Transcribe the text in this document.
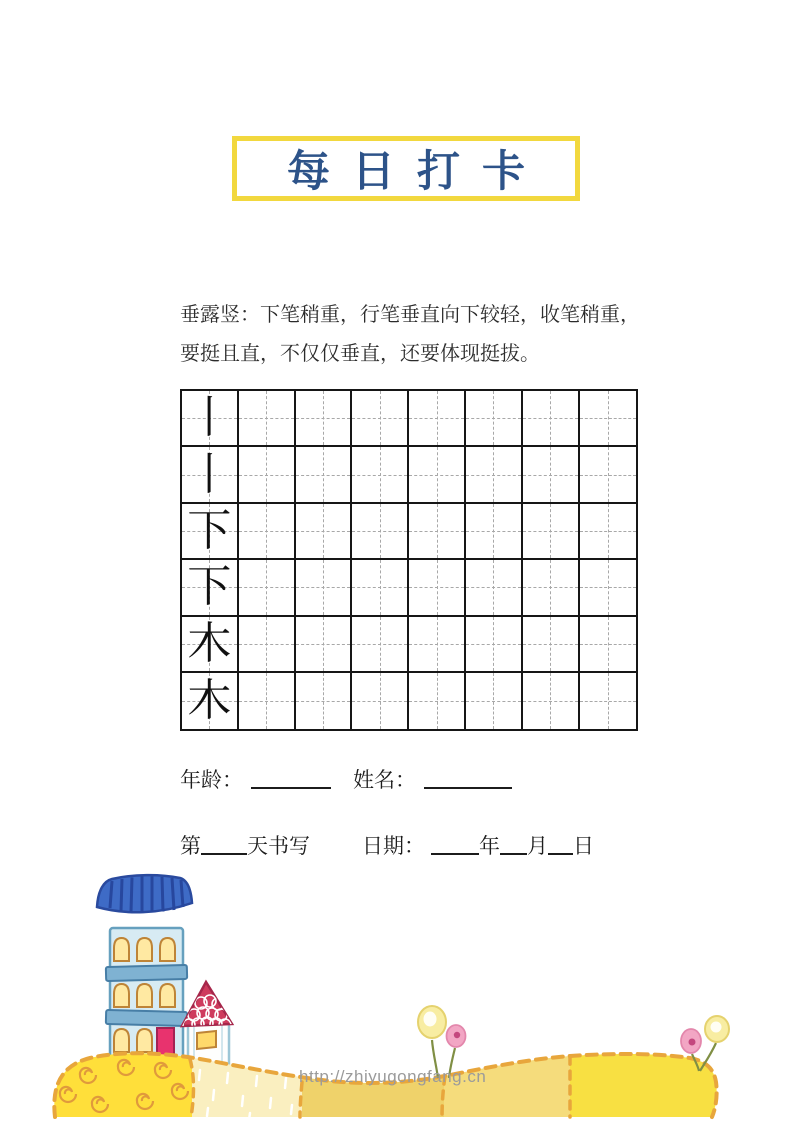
每日打卡
垂露竖：下笔稍重，行笔垂直向下较轻，收笔稍重，
要挺且直，不仅仅垂直，还要体现挺拔。
丨
丨
下
下
木
木
年龄：	姓名：
第 天书写 日期：	年 月 日
http://zhiyugongfang.cn
